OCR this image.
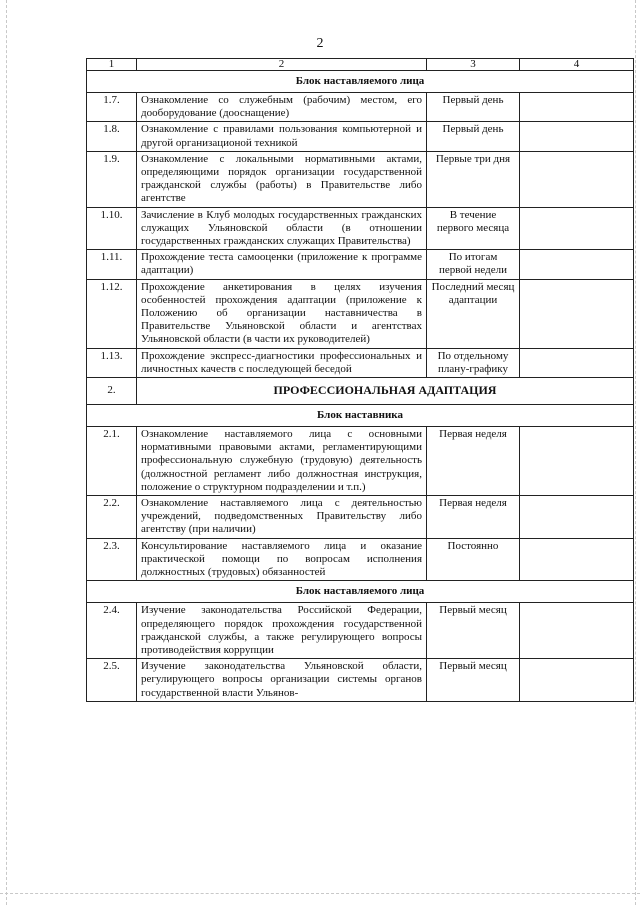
2
1	2	3	4
Блок наставляемого лица			
1.7.	Ознакомление со служебным (рабочим) местом, его дооборудование (дооснащение)	Первый день	
1.8.	Ознакомление с правилами пользования компьютерной и другой организационой техникой	Первый день	
1.9.	Ознакомление с локальными нормативными актами, определяющими порядок организации государственной гражданской службы (работы) в Правительстве либо агентстве	Первые три дня	
1.10.	Зачисление в Клуб молодых государственных гражданских служащих Ульяновской области (в отношении государственных гражданских служащих Правительства)	В течение первого месяца	
1.11.	Прохождение теста самооценки (приложение к программе адаптации)	По итогам первой недели	
1.12.	Прохождение анкетирования в целях изучения особенностей прохождения адаптации (приложение к Положению об организации наставничества в Правительстве Ульяновской области и агентствах Ульяновской области (в части их руководителей)	Последний месяц адаптации	
1.13.	Прохождение экспресс-диагностики профессиональных и личностных качеств с последующей беседой	По отдельному плану-графику	
2.	ПРОФЕССИОНАЛЬНАЯ АДАПТАЦИЯ		
Блок наставника			
2.1.	Ознакомление наставляемого лица с основными нормативными правовыми актами, регламентирующими профессиональную служебную (трудовую) деятельность (должностной регламент либо должностная инструкция, положение о структурном подразделении и т.п.)	Первая неделя	
2.2.	Ознакомление наставляемого лица с деятельностью учреждений, подведомственных Правительству либо агентству (при наличии)	Первая неделя	
2.3.	Консультирование наставляемого лица и оказание практической помощи по вопросам исполнения должностных (трудовых) обязанностей	Постоянно	
Блок наставляемого лица			
2.4.	Изучение законодательства Российской Федерации, определяющего порядок прохождения государственной гражданской службы, а также регулирующего вопросы противодействия коррупции	Первый месяц	
2.5.	Изучение законодательства Ульяновской области, регулирующего вопросы организации системы органов государственной власти Ульянов-	Первый месяц	
